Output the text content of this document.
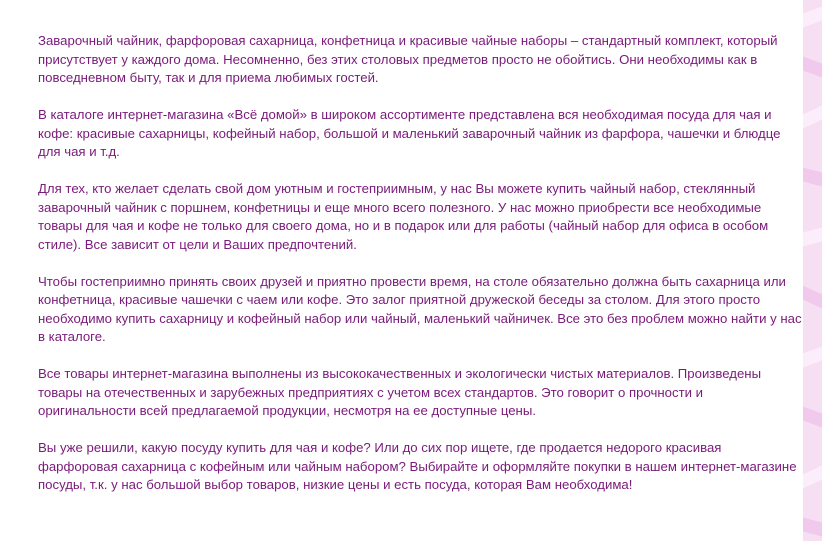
Заварочный чайник, фарфоровая сахарница, конфетница и красивые чайные наборы – стандартный комплект, который присутствует у каждого дома. Несомненно, без этих столовых предметов просто не обойтись. Они необходимы как в повседневном быту, так и для приема любимых гостей.

В каталоге интернет-магазина «Всё домой» в широком ассортименте представлена вся необходимая посуда для чая и кофе: красивые сахарницы, кофейный набор, большой и маленький заварочный чайник из фарфора, чашечки и блюдце для чая и т.д.

Для тех, кто желает сделать свой дом уютным и гостеприимным, у нас Вы можете купить чайный набор, стеклянный заварочный чайник с поршнем, конфетницы и еще много всего полезного. У нас можно приобрести все необходимые товары для чая и кофе не только для своего дома, но и в подарок или для работы (чайный набор для офиса в особом стиле). Все зависит от цели и Ваших предпочтений.

Чтобы гостеприимно принять своих друзей и приятно провести время, на столе обязательно должна быть сахарница или конфетница, красивые чашечки с чаем или кофе. Это залог приятной дружеской беседы за столом. Для этого просто необходимо купить сахарницу и кофейный набор или чайный, маленький чайничек. Все это без проблем можно найти у нас в каталоге.

Все товары интернет-магазина выполнены из высококачественных и экологически чистых материалов. Произведены товары на отечественных и зарубежных предприятиях с учетом всех стандартов. Это говорит о прочности и оригинальности всей предлагаемой продукции, несмотря на ее доступные цены.

Вы уже решили, какую посуду купить для чая и кофе? Или до сих пор ищете, где продается недорого красивая фарфоровая сахарница с кофейным или чайным набором? Выбирайте и оформляйте покупки в нашем интернет-магазине посуды, т.к. у нас большой выбор товаров, низкие цены и есть посуда, которая Вам необходима!
